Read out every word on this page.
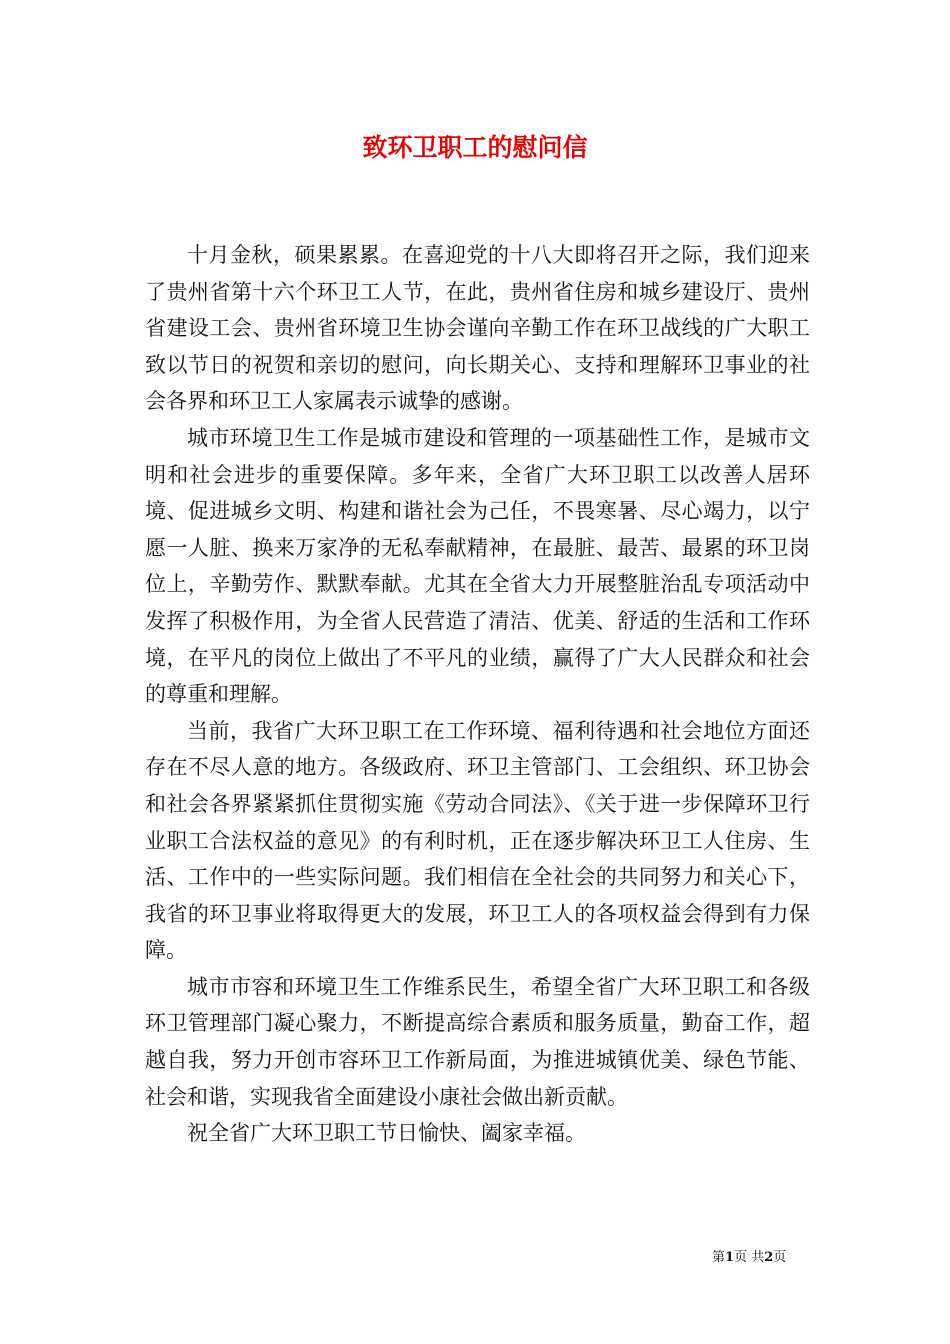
致环卫职工的慰问信

十月金秋，硕果累累。在喜迎党的十八大即将召开之际，我们迎来了贵州省第十六个环卫工人节，在此，贵州省住房和城乡建设厅、贵州省建设工会、贵州省环境卫生协会谨向辛勤工作在环卫战线的广大职工致以节日的祝贺和亲切的慰问，向长期关心、支持和理解环卫事业的社会各界和环卫工人家属表示诚挚的感谢。

城市环境卫生工作是城市建设和管理的一项基础性工作，是城市文明和社会进步的重要保障。多年来，全省广大环卫职工以改善人居环境、促进城乡文明、构建和谐社会为己任，不畏寒暑、尽心竭力，以宁愿一人脏、换来万家净的无私奉献精神，在最脏、最苦、最累的环卫岗位上，辛勤劳作、默默奉献。尤其在全省大力开展整脏治乱专项活动中发挥了积极作用，为全省人民营造了清洁、优美、舒适的生活和工作环境，在平凡的岗位上做出了不平凡的业绩，赢得了广大人民群众和社会的尊重和理解。

当前，我省广大环卫职工在工作环境、福利待遇和社会地位方面还存在不尽人意的地方。各级政府、环卫主管部门、工会组织、环卫协会和社会各界紧紧抓住贯彻实施《劳动合同法》、《关于进一步保障环卫行业职工合法权益的意见》的有利时机，正在逐步解决环卫工人住房、生活、工作中的一些实际问题。我们相信在全社会的共同努力和关心下，我省的环卫事业将取得更大的发展，环卫工人的各项权益会得到有力保障。

城市市容和环境卫生工作维系民生，希望全省广大环卫职工和各级环卫管理部门凝心聚力，不断提高综合素质和服务质量，勤奋工作，超越自我，努力开创市容环卫工作新局面，为推进城镇优美、绿色节能、社会和谐，实现我省全面建设小康社会做出新贡献。

祝全省广大环卫职工节日愉快、阖家幸福。

第1页 共2页
